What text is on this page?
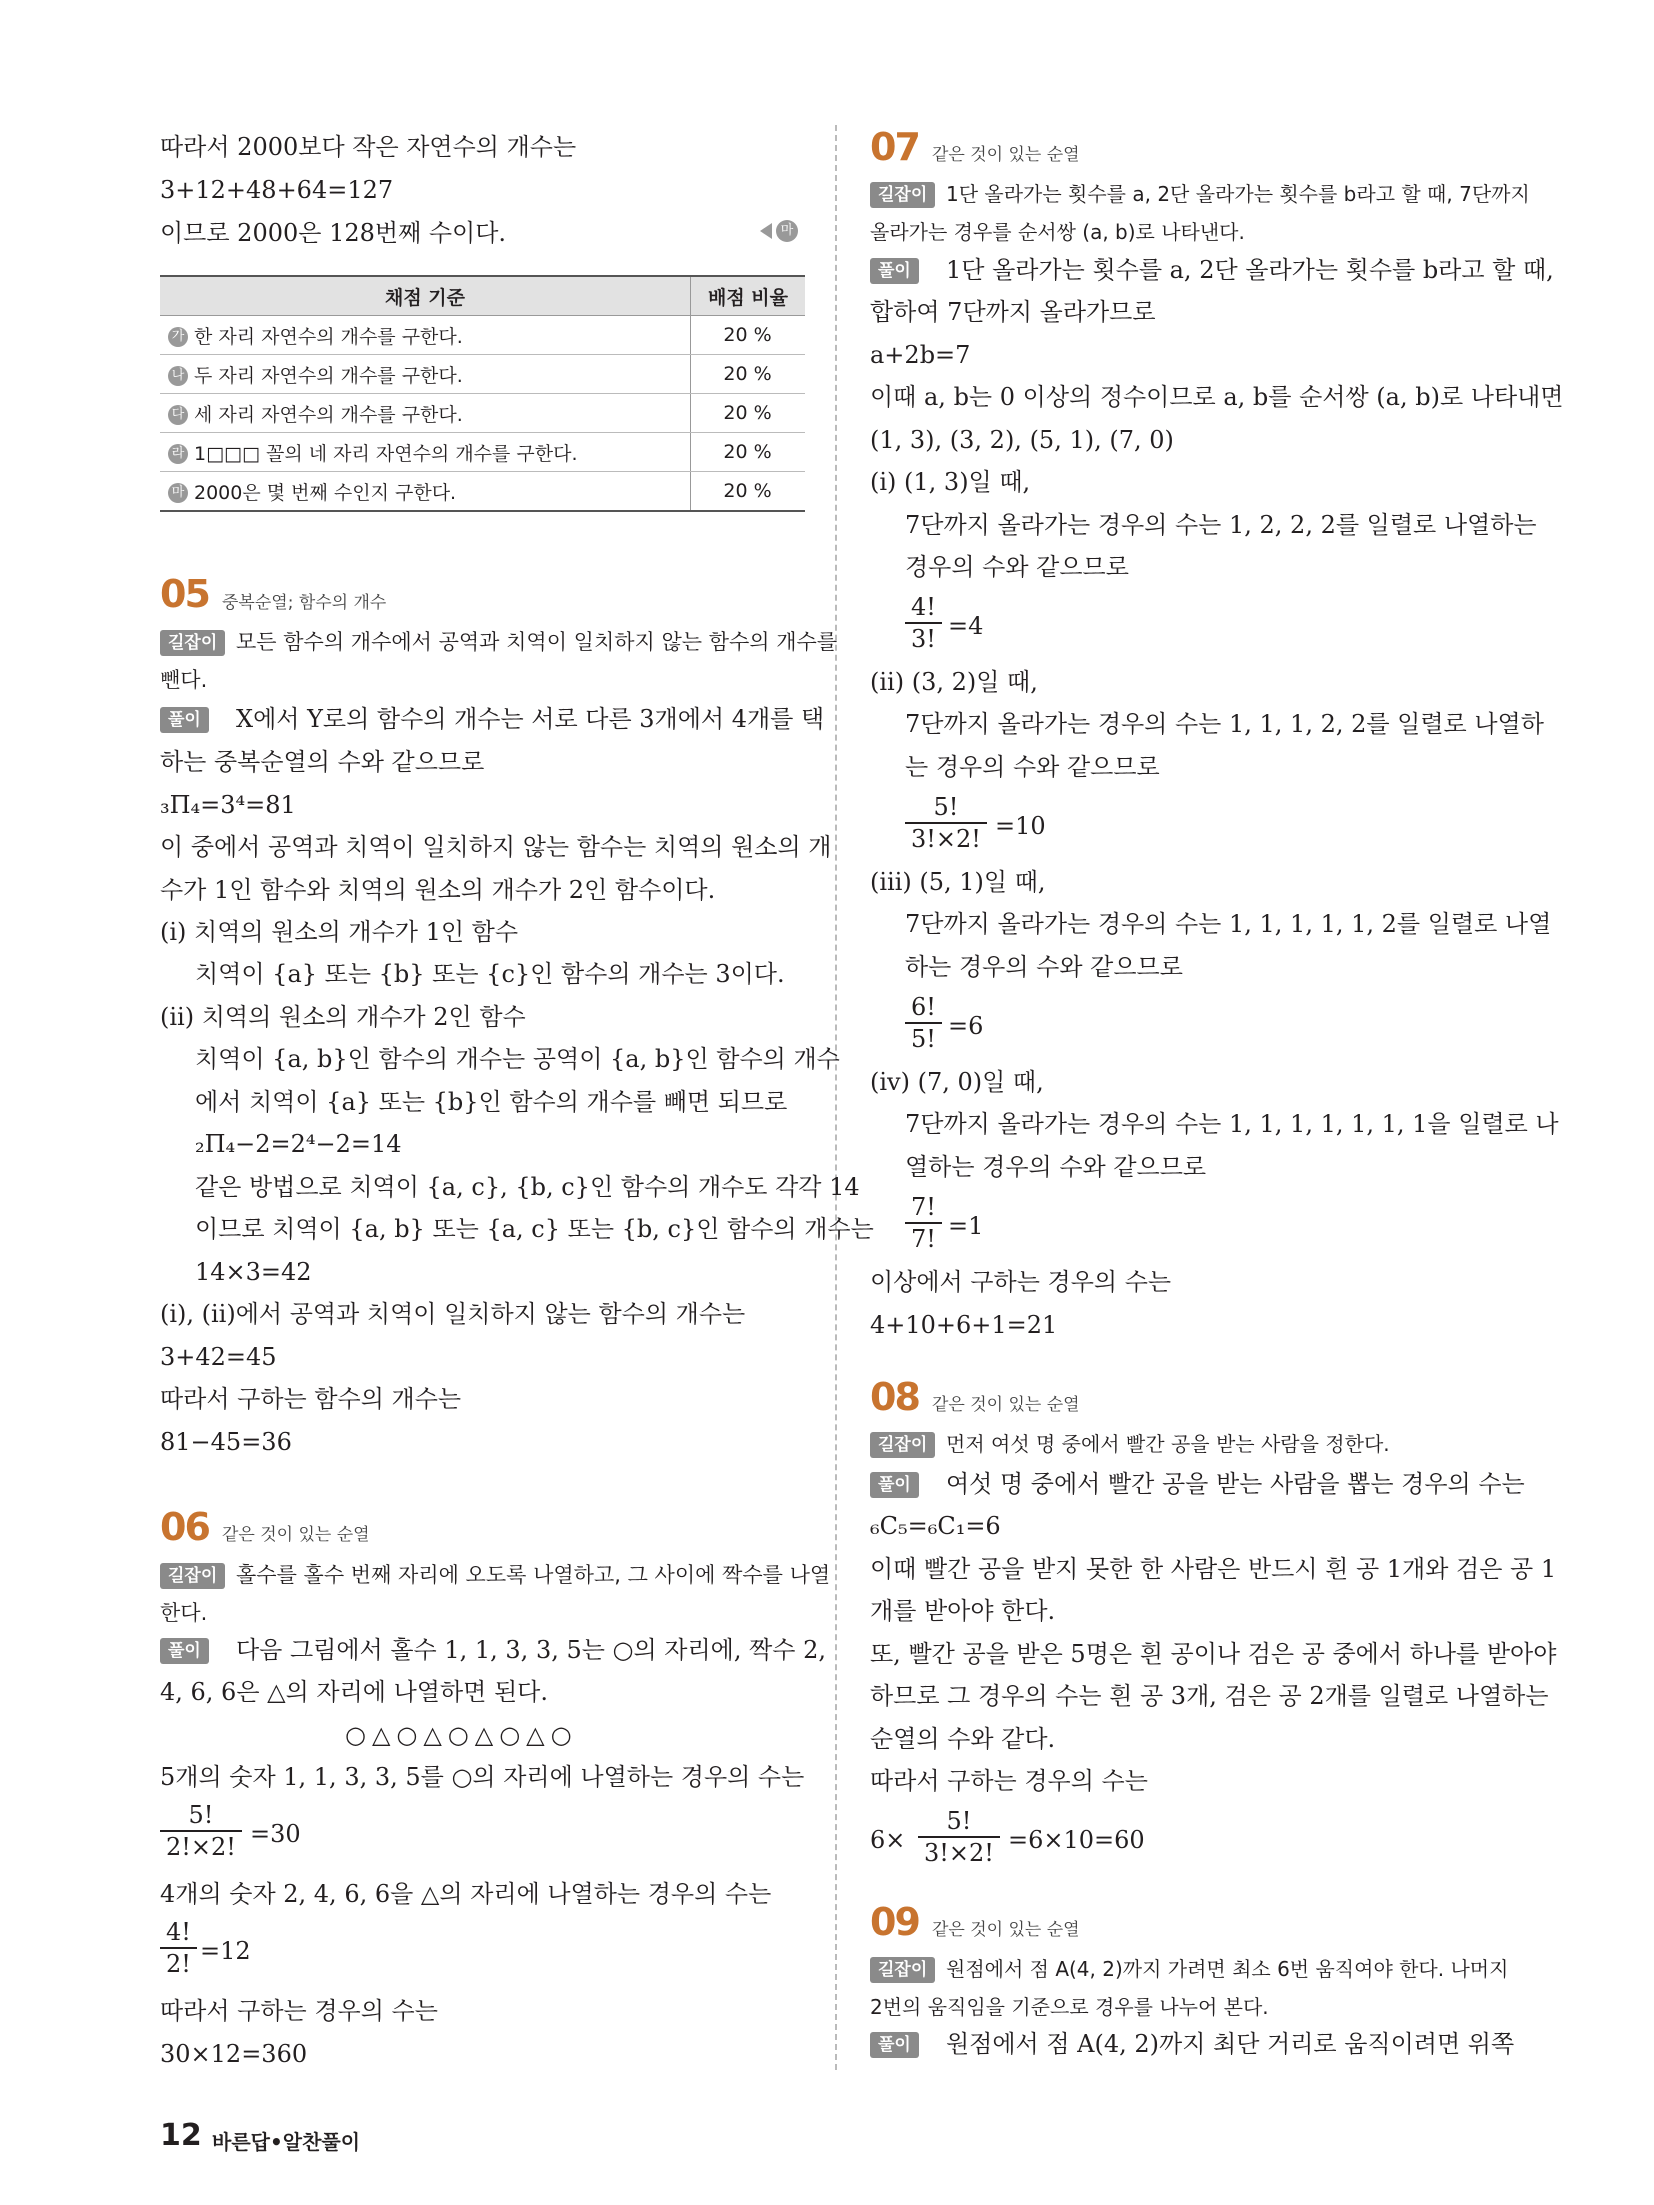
따라서 2000보다 작은 자연수의 개수는
3+12+48+64=127
이므로 2000은 128번째 수이다.	마
채점 기준	배점 비율
가 한 자리 자연수의 개수를 구한다.	20 %
나 두 자리 자연수의 개수를 구한다.	20 %
다 세 자리 자연수의 개수를 구한다.	20 %
라 1□□□ 꼴의 네 자리 자연수의 개수를 구한다.	20 %
마 2000은 몇 번째 수인지 구한다.	20 %
05 중복순열; 함수의 개수
길잡이 모든 함수의 개수에서 공역과 치역이 일치하지 않는 함수의 개수를
뺀다.
풀이	X에서 Y로의 함수의 개수는 서로 다른 3개에서 4개를 택
하는 중복순열의 수와 같으므로
₃Π₄=3⁴=81
이 중에서 공역과 치역이 일치하지 않는 함수는 치역의 원소의 개
수가 1인 함수와 치역의 원소의 개수가 2인 함수이다.
(ⅰ) 치역의 원소의 개수가 1인 함수
치역이 {a} 또는 {b} 또는 {c}인 함수의 개수는 3이다.
(ⅱ) 치역의 원소의 개수가 2인 함수
치역이 {a, b}인 함수의 개수는 공역이 {a, b}인 함수의 개수
에서 치역이 {a} 또는 {b}인 함수의 개수를 빼면 되므로
₂Π₄−2=2⁴−2=14
같은 방법으로 치역이 {a, c}, {b, c}인 함수의 개수도 각각 14
이므로 치역이 {a, b} 또는 {a, c} 또는 {b, c}인 함수의 개수는
14×3=42
(ⅰ), (ⅱ)에서 공역과 치역이 일치하지 않는 함수의 개수는
3+42=45
따라서 구하는 함수의 개수는
81−45=36
06 같은 것이 있는 순열
길잡이 홀수를 홀수 번째 자리에 오도록 나열하고, 그 사이에 짝수를 나열
한다.
풀이	다음 그림에서 홀수 1, 1, 3, 3, 5는 ○의 자리에, 짝수 2,
4, 6, 6은 △의 자리에 나열하면 된다.
○△○△○△○△○
5개의 숫자 1, 1, 3, 3, 5를 ○의 자리에 나열하는 경우의 수는
$\frac{5!}{2!\times 2!} =30$
4개의 숫자 2, 4, 6, 6을 △의 자리에 나열하는 경우의 수는
$\frac{4!}{2!} =12$
따라서 구하는 경우의 수는
30×12=360
07 같은 것이 있는 순열
길잡이 1단 올라가는 횟수를 a, 2단 올라가는 횟수를 b라고 할 때, 7단까지
올라가는 경우를 순서쌍 (a, b)로 나타낸다.
풀이	1단 올라가는 횟수를 a, 2단 올라가는 횟수를 b라고 할 때,
합하여 7단까지 올라가므로
a+2b=7
이때 a, b는 0 이상의 정수이므로 a, b를 순서쌍 (a, b)로 나타내면
(1, 3), (3, 2), (5, 1), (7, 0)
(ⅰ) (1, 3)일 때,
7단까지 올라가는 경우의 수는 1, 2, 2, 2를 일렬로 나열하는
경우의 수와 같으므로
$\frac{4!}{3!} =4$
(ⅱ) (3, 2)일 때,
7단까지 올라가는 경우의 수는 1, 1, 1, 2, 2를 일렬로 나열하
는 경우의 수와 같으므로
$\frac{5!}{3!\times 2!} =10$
(ⅲ) (5, 1)일 때,
7단까지 올라가는 경우의 수는 1, 1, 1, 1, 1, 2를 일렬로 나열
하는 경우의 수와 같으므로
$\frac{6!}{5!} =6$
(ⅳ) (7, 0)일 때,
7단까지 올라가는 경우의 수는 1, 1, 1, 1, 1, 1, 1을 일렬로 나
열하는 경우의 수와 같으므로
$\frac{7!}{7!} =1$
이상에서 구하는 경우의 수는
4+10+6+1=21
08 같은 것이 있는 순열
길잡이 먼저 여섯 명 중에서 빨간 공을 받는 사람을 정한다.
풀이	여섯 명 중에서 빨간 공을 받는 사람을 뽑는 경우의 수는
₆C₅=₆C₁=6
이때 빨간 공을 받지 못한 한 사람은 반드시 흰 공 1개와 검은 공 1
개를 받아야 한다.
또, 빨간 공을 받은 5명은 흰 공이나 검은 공 중에서 하나를 받아야
하므로 그 경우의 수는 흰 공 3개, 검은 공 2개를 일렬로 나열하는
순열의 수와 같다.
따라서 구하는 경우의 수는
$6\times \frac{5!}{3!\times 2!} =6\times 10=60$
09 같은 것이 있는 순열
길잡이 원점에서 점 A(4, 2)까지 가려면 최소 6번 움직여야 한다. 나머지
2번의 움직임을 기준으로 경우를 나누어 본다.
풀이	원점에서 점 A(4, 2)까지 최단 거리로 움직이려면 위쪽
12 바른답•알찬풀이
